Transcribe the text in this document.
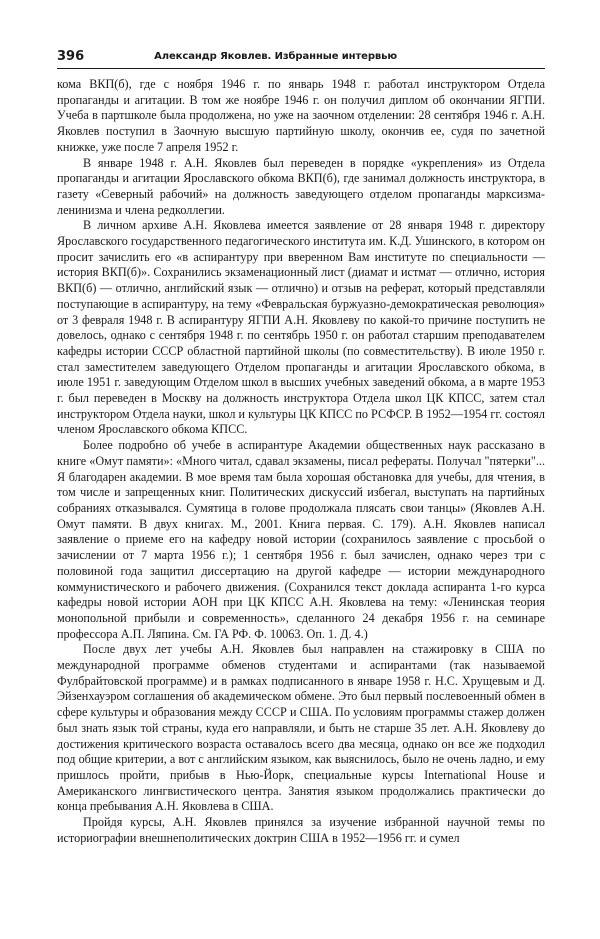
396	Александр Яковлев. Избранные интервью

кома ВКП(б), где с ноября 1946 г. по январь 1948 г. работал инструктором Отдела пропаганды и агитации. В том же ноябре 1946 г. он получил диплом об окончании ЯГПИ. Учеба в партшколе была продолжена, но уже на заочном отделении: 28 сентября 1946 г. А.Н. Яковлев поступил в Заочную высшую партийную школу, окончив ее, судя по зачетной книжке, уже после 7 апреля 1952 г.

В январе 1948 г. А.Н. Яковлев был переведен в порядке «укрепления» из Отдела пропаганды и агитации Ярославского обкома ВКП(б), где занимал должность инструктора, в газету «Северный рабочий» на должность заведующего отделом пропаганды марксизма-ленинизма и члена редколлегии.

В личном архиве А.Н. Яковлева имеется заявление от 28 января 1948 г. директору Ярославского государственного педагогического института им. К.Д. Ушинского, в котором он просит зачислить его «в аспирантуру при вверенном Вам институте по специальности — история ВКП(б)». Сохранились экзаменационный лист (диамат и истмат — отлично, история ВКП(б) — отлично, английский язык — отлично) и отзыв на реферат, который представляли поступающие в аспирантуру, на тему «Февральская буржуазно-демократическая революция» от 3 февраля 1948 г. В аспирантуру ЯГПИ А.Н. Яковлеву по какой-то причине поступить не довелось, однако с сентября 1948 г. по сентябрь 1950 г. он работал старшим преподавателем кафедры истории СССР областной партийной школы (по совместительству). В июле 1950 г. стал заместителем заведующего Отделом пропаганды и агитации Ярославского обкома, в июле 1951 г. заведующим Отделом школ в высших учебных заведений обкома, а в марте 1953 г. был переведен в Москву на должность инструктора Отдела школ ЦК КПСС, затем стал инструктором Отдела науки, школ и культуры ЦК КПСС по РСФСР. В 1952—1954 гг. состоял членом Ярославского обкома КПСС.

Более подробно об учебе в аспирантуре Академии общественных наук рассказано в книге «Омут памяти»: «Много читал, сдавал экзамены, писал рефераты. Получал "пятерки"... Я благодарен академии. В мое время там была хорошая обстановка для учебы, для чтения, в том числе и запрещенных книг. Политических дискуссий избегал, выступать на партийных собраниях отказывался. Сумятица в голове продолжала плясать свои танцы» (Яковлев А.Н. Омут памяти. В двух книгах. М., 2001. Книга первая. С. 179). А.Н. Яковлев написал заявление о приеме его на кафедру новой истории (сохранилось заявление с просьбой о зачислении от 7 марта 1956 г.); 1 сентября 1956 г. был зачислен, однако через три с половиной года защитил диссертацию на другой кафедре — истории международного коммунистического и рабочего движения. (Сохранился текст доклада аспиранта 1-го курса кафедры новой истории АОН при ЦК КПСС А.Н. Яковлева на тему: «Ленинская теория монопольной прибыли и современность», сделанного 24 декабря 1956 г. на семинаре профессора А.П. Ляпина. См. ГА РФ. Ф. 10063. Оп. 1. Д. 4.)

После двух лет учебы А.Н. Яковлев был направлен на стажировку в США по международной программе обменов студентами и аспирантами (так называемой Фулбрайтовской программе) и в рамках подписанного в январе 1958 г. Н.С. Хрущевым и Д. Эйзенхауэром соглашения об академическом обмене. Это был первый послевоенный обмен в сфере культуры и образования между СССР и США. По условиям программы стажер должен был знать язык той страны, куда его направляли, и быть не старше 35 лет. А.Н. Яковлеву до достижения критического возраста оставалось всего два месяца, однако он все же подходил под общие критерии, а вот с английским языком, как выяснилось, было не очень ладно, и ему пришлось пройти, прибыв в Нью-Йорк, специальные курсы International House и Американского лингвистического центра. Занятия языком продолжались практически до конца пребывания А.Н. Яковлева в США.

Пройдя курсы, А.Н. Яковлев принялся за изучение избранной научной темы по историографии внешнеполитических доктрин США в 1952—1956 гг. и сумел
